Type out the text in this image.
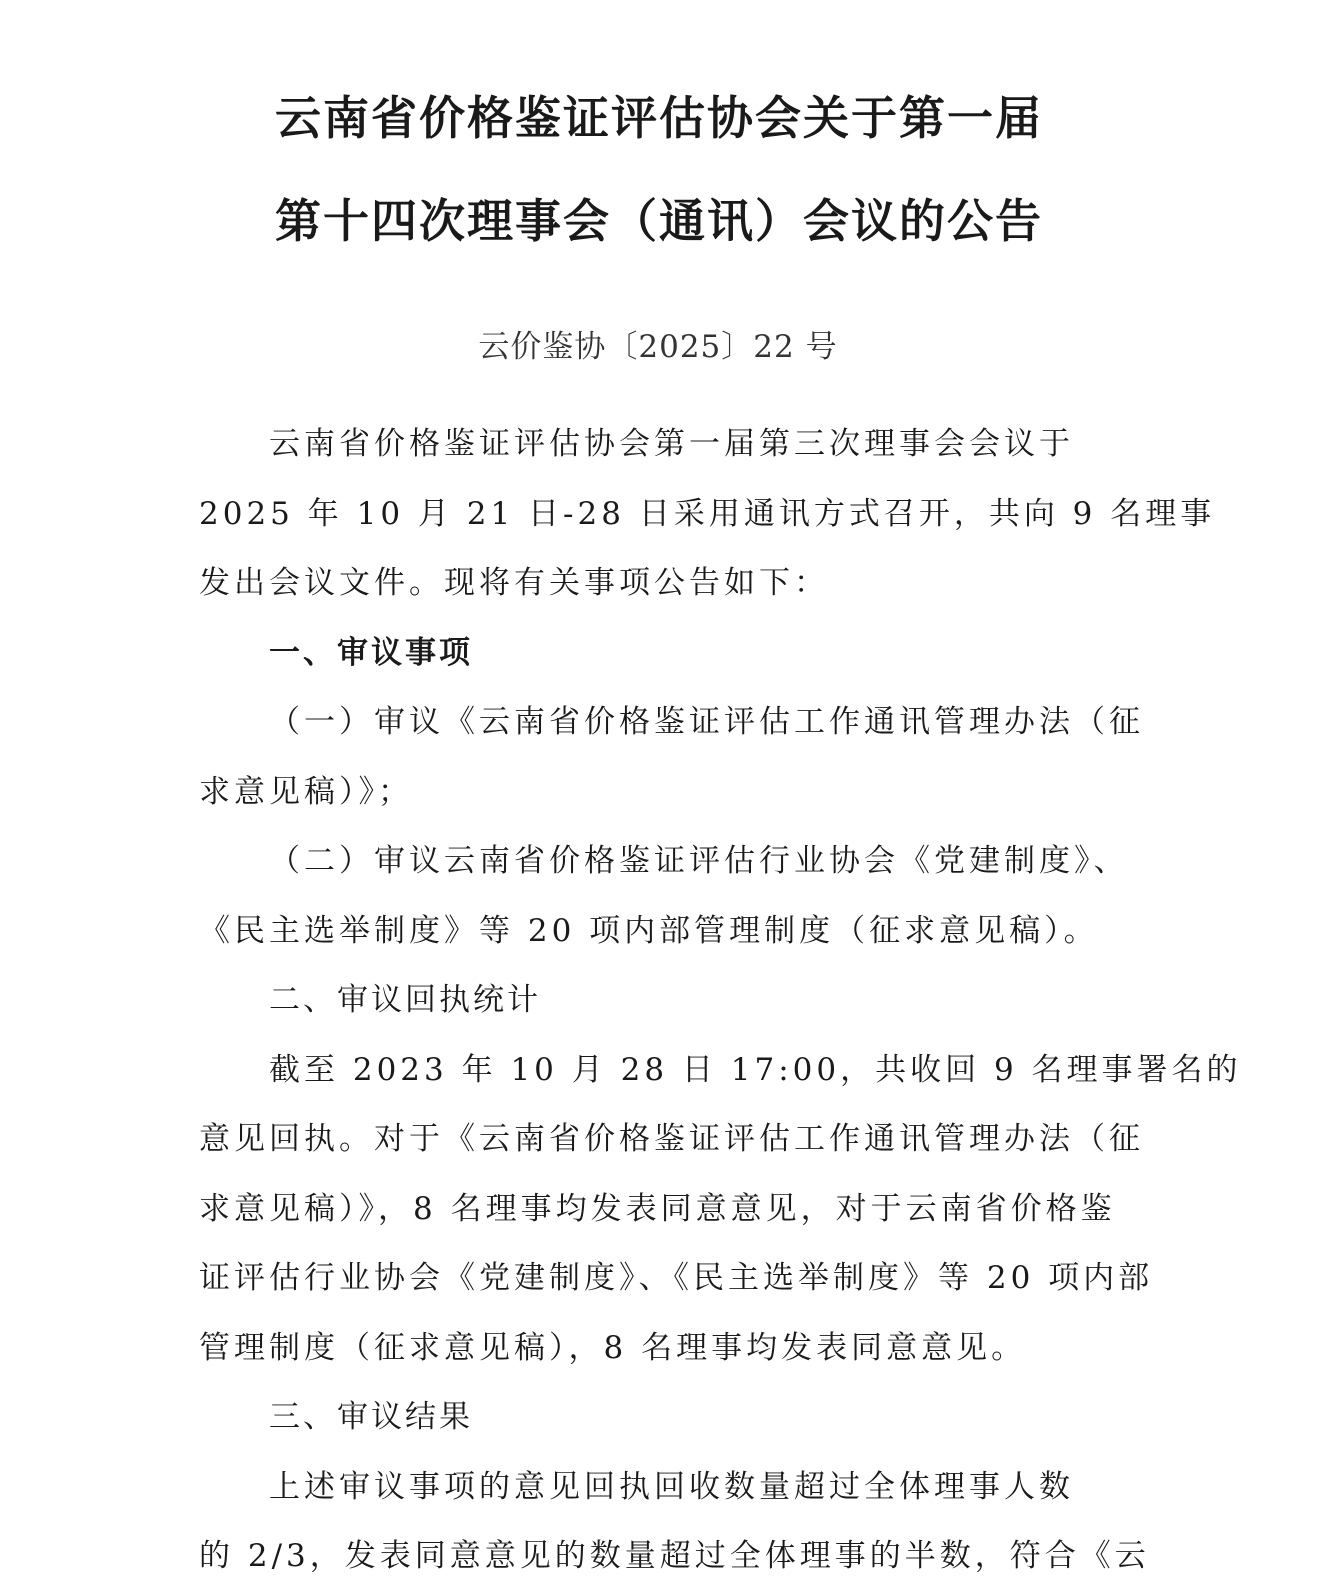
云南省价格鉴证评估协会关于第一届
第十四次理事会（通讯）会议的公告
云价鉴协〔2025〕22 号

云南省价格鉴证评估协会第一届第三次理事会会议于
2025 年 10 月 21 日-28 日采用通讯方式召开，共向 9 名理事
发出会议文件。现将有关事项公告如下：

一、审议事项

（一）审议《云南省价格鉴证评估工作通讯管理办法（征
求意见稿）》；

（二）审议云南省价格鉴证评估行业协会《党建制度》、
《民主选举制度》等 20 项内部管理制度（征求意见稿）。

二、审议回执统计

截至 2023 年 10 月 28 日 17:00，共收回 9 名理事署名的
意见回执。对于《云南省价格鉴证评估工作通讯管理办法（征
求意见稿）》，8 名理事均发表同意意见，对于云南省价格鉴
证评估行业协会《党建制度》、《民主选举制度》等 20 项内部
管理制度（征求意见稿），8 名理事均发表同意意见。

三、审议结果

上述审议事项的意见回执回收数量超过全体理事人数
的 2/3，发表同意意见的数量超过全体理事的半数，符合《云
